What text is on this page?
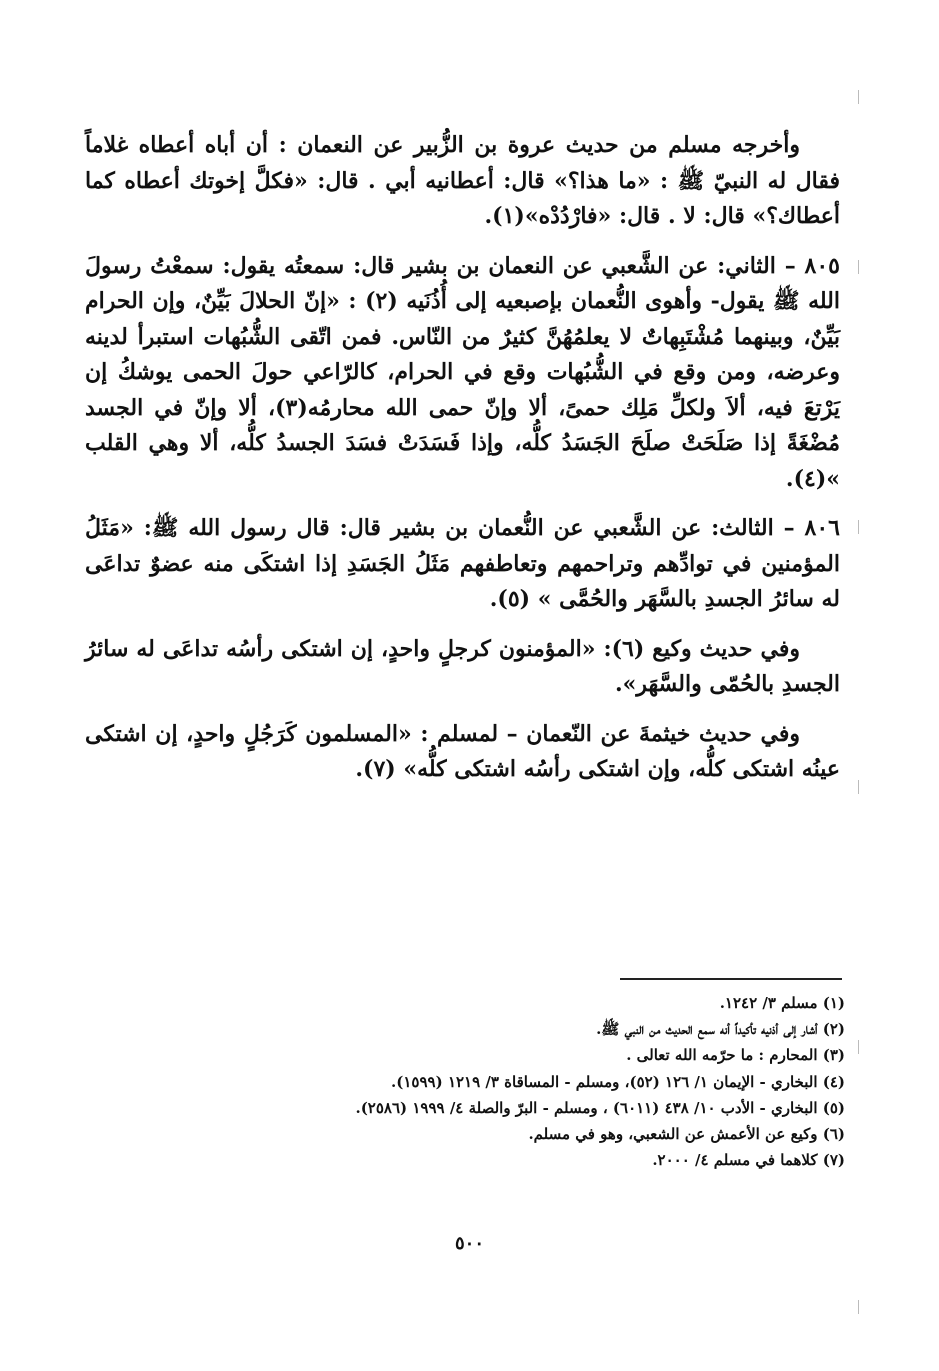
وأخرجه مسلم من حديث عروة بن الزُّبير عن النعمان : أن أباه أعطاه غلاماً فقال له النبيّ ﷺ : «ما هذا؟» قال: أعطانيه أبي . قال: «فكلَّ إخوتك أعطاه كما أعطاك؟» قال: لا . قال: «فارْدُدْه»(١).

٨٠٥ – الثاني: عن الشَّعبي عن النعمان بن بشير قال: سمعتُه يقول: سمعْتُ رسولَ الله ﷺ يقول- وأهوى النُّعمان بإصبعيه إلى أُذُنَيه (٢) : «إنّ الحلالَ بَيِّنٌ، وإن الحرام بَيِّنٌ، وبينهما مُشْتَبِهاتٌ لا يعلمُهُنَّ كثيرٌ من النّاس. فمن اتّقى الشُّبُهات استبرأ لدينه وعرضه، ومن وقع في الشُّبُهات وقع في الحرام، كالرّاعي حولَ الحمى يوشكُ إن يَرْتعَ فيه، ألاَ ولكلِّ مَلِك حمىً، ألا وإنّ حمى الله محارمُه(٣)، ألا وإنّ في الجسد مُضْغَةً إذا صَلَحَتْ صلَحَ الجَسَدُ كلُّه، وإذا فَسَدَتْ فسَدَ الجسدُ كلُّه، ألا وهي القلب »(٤).

٨٠٦ – الثالث: عن الشَّعبي عن النُّعمان بن بشير قال: قال رسول الله ﷺ: «مَثَلُ المؤمنين في توادِّهم وتراحمهم وتعاطفهم مَثَلُ الجَسَدِ إذا اشتكَى منه عضوٌ تداعَى له سائرُ الجسدِ بالسَّهَر والحُمَّى » (٥).

وفي حديث وكيع (٦): «المؤمنون كرجلٍ واحدٍ، إن اشتكى رأسُه تداعَى له سائرُ الجسدِ بالحُمّى والسَّهَر».

وفي حديث خيثمةَ عن النّعمان – لمسلم : «المسلمون كَرَجُلٍ واحدٍ، إن اشتكى عينُه اشتكى كلُّه، وإن اشتكى رأسُه اشتكى كلُّه» (٧).

(١) مسلم ٣/ ١٢٤٢.

(٢) أشار إلى أذنيه تأكيداً أنه سمع الحديث من النبي ﷺ.

(٣) المحارم : ما حرّمه الله تعالى .

(٤) البخاري - الإيمان ١/ ١٢٦ (٥٢)، ومسلم - المساقاة ٣/ ١٢١٩ (١٥٩٩).

(٥) البخاري - الأدب ١٠/ ٤٣٨ (٦٠١١) ، ومسلم - البرّ والصلة ٤/ ١٩٩٩ (٢٥٨٦).

(٦) وكيع عن الأعمش عن الشعبي، وهو في مسلم.

(٧) كلاهما في مسلم ٤/ ٢٠٠٠.

٥٠٠
